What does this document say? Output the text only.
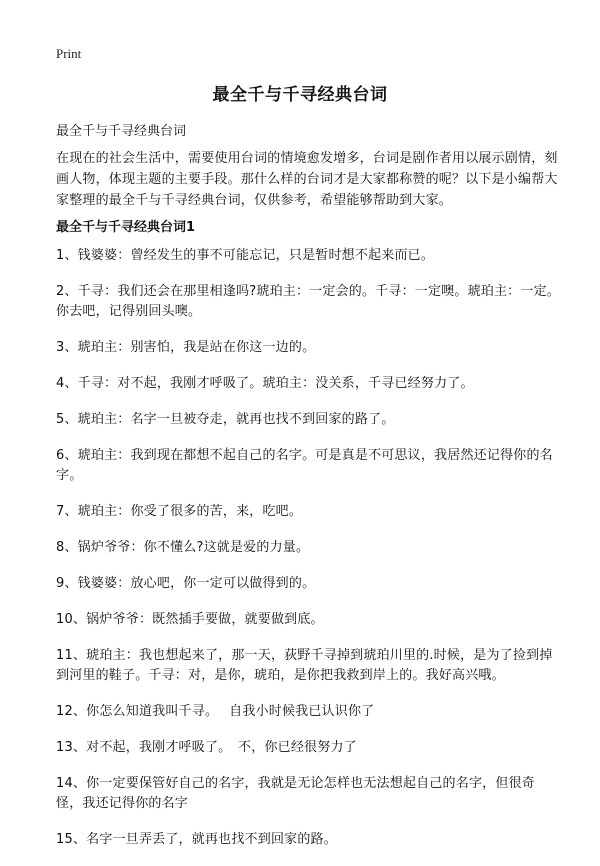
Print
最全千与千寻经典台词
最全千与千寻经典台词
在现在的社会生活中，需要使用台词的情境愈发增多，台词是剧作者用以展示剧情，刻画人物，体现主题的主要手段。那什么样的台词才是大家都称赞的呢？以下是小编帮大家整理的最全千与千寻经典台词，仅供参考，希望能够帮助到大家。
最全千与千寻经典台词1
1、钱婆婆：曾经发生的事不可能忘记，只是暂时想不起来而已。
2、千寻：我们还会在那里相逢吗?琥珀主：一定会的。千寻：一定噢。琥珀主：一定。你去吧，记得别回头噢。
3、琥珀主：别害怕，我是站在你这一边的。
4、千寻：对不起，我刚才呼吸了。琥珀主：没关系，千寻已经努力了。
5、琥珀主：名字一旦被夺走，就再也找不到回家的路了。
6、琥珀主：我到现在都想不起自己的名字。可是真是不可思议，我居然还记得你的名字。
7、琥珀主：你受了很多的苦，来，吃吧。
8、锅炉爷爷：你不懂么?这就是爱的力量。
9、钱婆婆：放心吧，你一定可以做得到的。
10、锅炉爷爷：既然插手要做，就要做到底。
11、琥珀主：我也想起来了，那一天，荻野千寻掉到琥珀川里的.时候，是为了捡到掉到河里的鞋子。千寻：对，是你，琥珀，是你把我救到岸上的。我好高兴哦。
12、你怎么知道我叫千寻。　 自我小时候我已认识你了
13、对不起，我刚才呼吸了。　不，你已经很努力了
14、你一定要保管好自己的名字，我就是无论怎样也无法想起自己的名字，但很奇怪，我还记得你的名字
15、名字一旦弄丢了，就再也找不到回家的路。
